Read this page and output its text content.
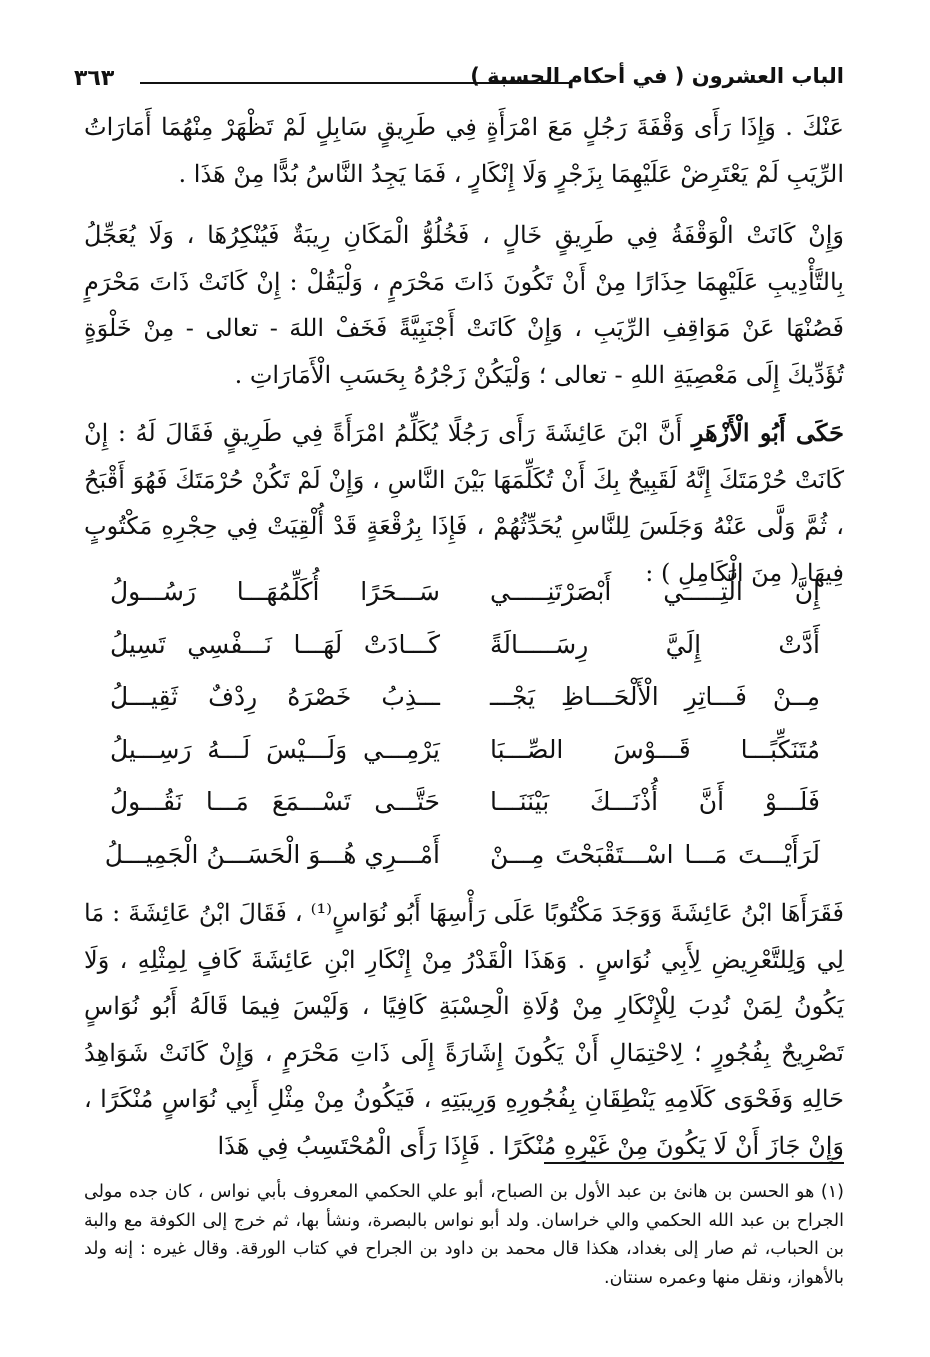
٣٦٣	الباب العشرون ( في أحكام الحسبة )

عَنْكَ . وَإِذَا رَأَى وَقْفَةَ رَجُلٍ مَعَ امْرَأَةٍ فِي طَرِيقٍ سَابِلٍ لَمْ تَظْهَرْ مِنْهُمَا أَمَارَاتُ الرِّيَبِ لَمْ يَعْتَرِضْ عَلَيْهِمَا بِزَجْرٍ وَلَا إِنْكَارٍ ، فَمَا يَجِدُ النَّاسُ بُدًّا مِنْ هَذَا .

وَإِنْ كَانَتْ الْوَقْفَةُ فِي طَرِيقٍ خَالٍ ، فَخُلُوُّ الْمَكَانِ رِيبَةٌ فَيُنْكِرُهَا ، وَلَا يُعَجِّلُ بِالتَّأْدِيبِ عَلَيْهِمَا حِذَارًا مِنْ أَنْ تَكُونَ ذَاتَ مَحْرَمٍ ، وَلْيَقُلْ : إِنْ كَانَتْ ذَاتَ مَحْرَمٍ فَصُنْهَا عَنْ مَوَاقِفِ الرِّيَبِ ، وَإِنْ كَانَتْ أَجْنَبِيَّةً فَخَفْ اللهَ - تعالى - مِنْ خَلْوَةٍ تُؤَدِّيكَ إِلَى مَعْصِيَةِ اللهِ - تعالى ؛ وَلْيَكُنْ زَجْرُهُ بِحَسَبِ الْأَمَارَاتِ .

حَكَى أَبُو الْأَزْهَرِ أَنَّ ابْنَ عَائِشَةَ رَأَى رَجُلًا يُكَلِّمُ امْرَأَةً فِي طَرِيقٍ فَقَالَ لَهُ : إِنْ كَانَتْ حُرْمَتَكَ إِنَّهُ لَقَبِيحٌ بِكَ أَنْ تُكَلِّمَهَا بَيْنَ النَّاسِ ، وَإِنْ لَمْ تَكُنْ حُرْمَتَكَ فَهُوَ أَقْبَحُ ، ثُمَّ وَلَّى عَنْهُ وَجَلَسَ لِلنَّاسِ يُحَدِّثُهُمْ ، فَإِذَا بِرُقْعَةٍ قَدْ أُلْقِيَتْ فِي حِجْرِهِ مَكْتُوبٍ فِيهَا ( مِنَ الْكَامِلِ ) :

إِنَّ الَّتِـــــي أَبْصَرْتَنِـــــي
سَـــحَرًا أُكَلِّمُهَـــا رَسُـــولُ
أَدَّتْ إِلَيَّ رِسَـــــالَةً
كَـــادَتْ لَهَـــا نَـــفْسِي تَسِيلُ
مِــنْ فَـــاتِرِ الْأَلْحَـــاظِ يَجْـــ
ـــذِبُ خَصْرَهُ رِدْفٌ ثَقِيـــلُ
مُتَنَكِّبًـــا قَـــوْسَ الصِّـــبَا
يَرْمِـــي وَلَـــيْسَ لَـــهُ رَسِـــيلُ
فَلَـــوْ أَنَّ أُذْنَـــكَ بَيْنَنَـــا
حَتَّـــى تَسْـــمَعَ مَـــا نَقُـــولُ
لَرَأَيْـــتَ مَـــا اسْـــتَقْبَحْتَ مِـــنْ
أَمْـــرِي هُـــوَ الْحَسَـــنُ الْجَمِيـــلُ

فَقَرَأَهَا ابْنُ عَائِشَةَ وَوَجَدَ مَكْتُوبًا عَلَى رَأْسِهَا أَبُو نُوَاسٍ⁽¹⁾ ، فَقَالَ ابْنُ عَائِشَةَ : مَا لِي وَلِلتَّعْرِيضِ لِأَبِي نُوَاسٍ . وَهَذَا الْقَدْرُ مِنْ إِنْكَارِ ابْنِ عَائِشَةَ كَافٍ لِمِثْلِهِ ، وَلَا يَكُونُ لِمَنْ نُدِبَ لِلْإِنْكَارِ مِنْ وُلَاةِ الْحِسْبَةِ كَافِيًا ، وَلَيْسَ فِيمَا قَالَهُ أَبُو نُوَاسٍ تَصْرِيحٌ بِفُجُورٍ ؛ لِاحْتِمَالِ أَنْ يَكُونَ إِشَارَةً إِلَى ذَاتِ مَحْرَمٍ ، وَإِنْ كَانَتْ شَوَاهِدُ حَالِهِ وَفَحْوَى كَلَامِهِ يَنْطِقَانِ بِفُجُورِهِ وَرِيبَتِهِ ، فَيَكُونُ مِنْ مِثْلِ أَبِي نُوَاسٍ مُنْكَرًا ، وَإِنْ جَازَ أَنْ لَا يَكُونَ مِنْ غَيْرِهِ مُنْكَرًا . فَإِذَا رَأَى الْمُحْتَسِبُ فِي هَذَا

(١) هو الحسن بن هانئ بن عبد الأول بن الصباح، أبو علي الحكمي المعروف بأبي نواس ، كان جده مولى الجراح بن عبد الله الحكمي والي خراسان. ولد أبو نواس بالبصرة، ونشأ بها، ثم خرج إلى الكوفة مع والبة بن الحباب، ثم صار إلى بغداد، هكذا قال محمد بن داود بن الجراح في كتاب الورقة. وقال غيره : إنه ولد بالأهواز، ونقل منها وعمره سنتان.
